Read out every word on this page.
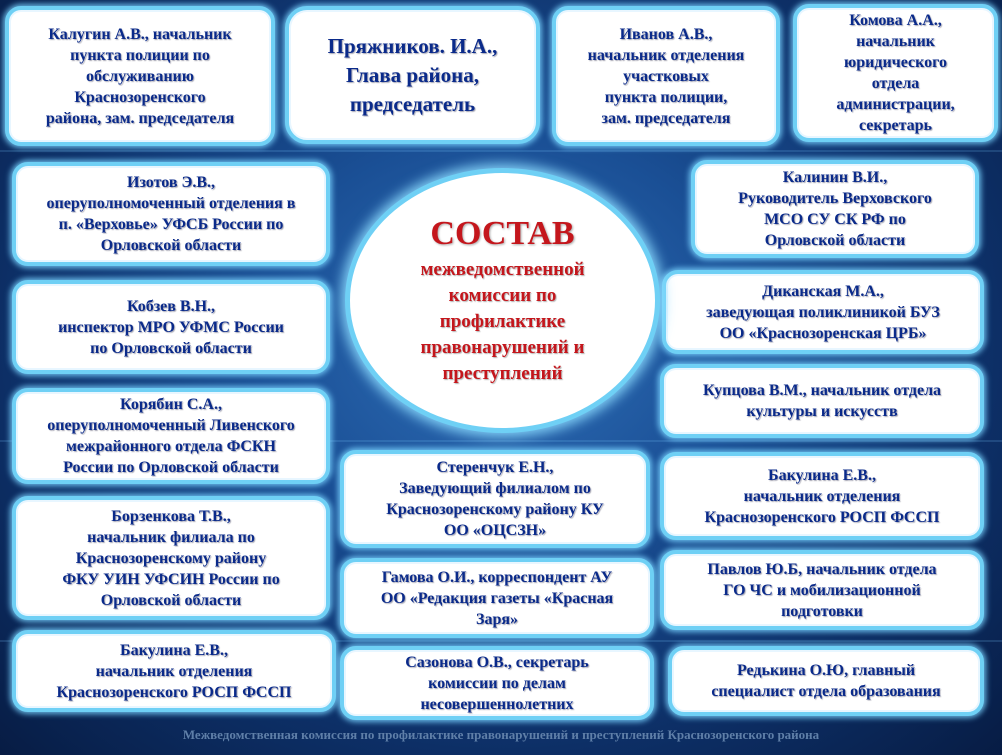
Калугин А.В., начальник
пункта полиции по
обслуживанию
Краснозоренского
района, зам. председателя
Пряжников. И.А.,
Глава района,
председатель
Иванов А.В.,
начальник отделения
участковых
пункта полиции,
зам. председателя
Комова А.А.,
начальник
юридического
отдела
администрации,
секретарь
Изотов Э.В.,
оперуполномоченный отделения в
п. «Верховье» УФСБ России по
Орловской области
Калинин В.И.,
Руководитель Верховского
МСО СУ СК РФ по
Орловской области
Кобзев В.Н.,
инспектор МРО УФМС России
по Орловской области
Диканская М.А.,
заведующая поликлиникой БУЗ
ОО «Краснозоренская ЦРБ»
Корябин С.А.,
оперуполномоченный Ливенского
межрайонного отдела ФСКН
России по Орловской области
Купцова В.М., начальник отдела
культуры и искусств
Стеренчук Е.Н.,
Заведующий филиалом по
Краснозоренскому району КУ
ОО «ОЦСЗН»
Бакулина Е.В.,
начальник отделения
Краснозоренского РОСП ФССП
Борзенкова Т.В.,
начальник филиала по
Краснозоренскому району
ФКУ УИН УФСИН России по
Орловской области
Гамова О.И., корреспондент АУ
ОО «Редакция газеты «Красная
Заря»
Павлов Ю.Б, начальник отдела
ГО ЧС и мобилизационной
подготовки
Бакулина Е.В.,
начальник отделения
Краснозоренского РОСП ФССП
Сазонова О.В., секретарь
комиссии по делам
несовершеннолетних
Редькина О.Ю, главный
специалист отдела образования
СОСТАВ
межведомственной
комиссии по
профилактике
правонарушений и
преступлений
Межведомственная комиссия по профилактике правонарушений и преступлений Краснозоренского района
